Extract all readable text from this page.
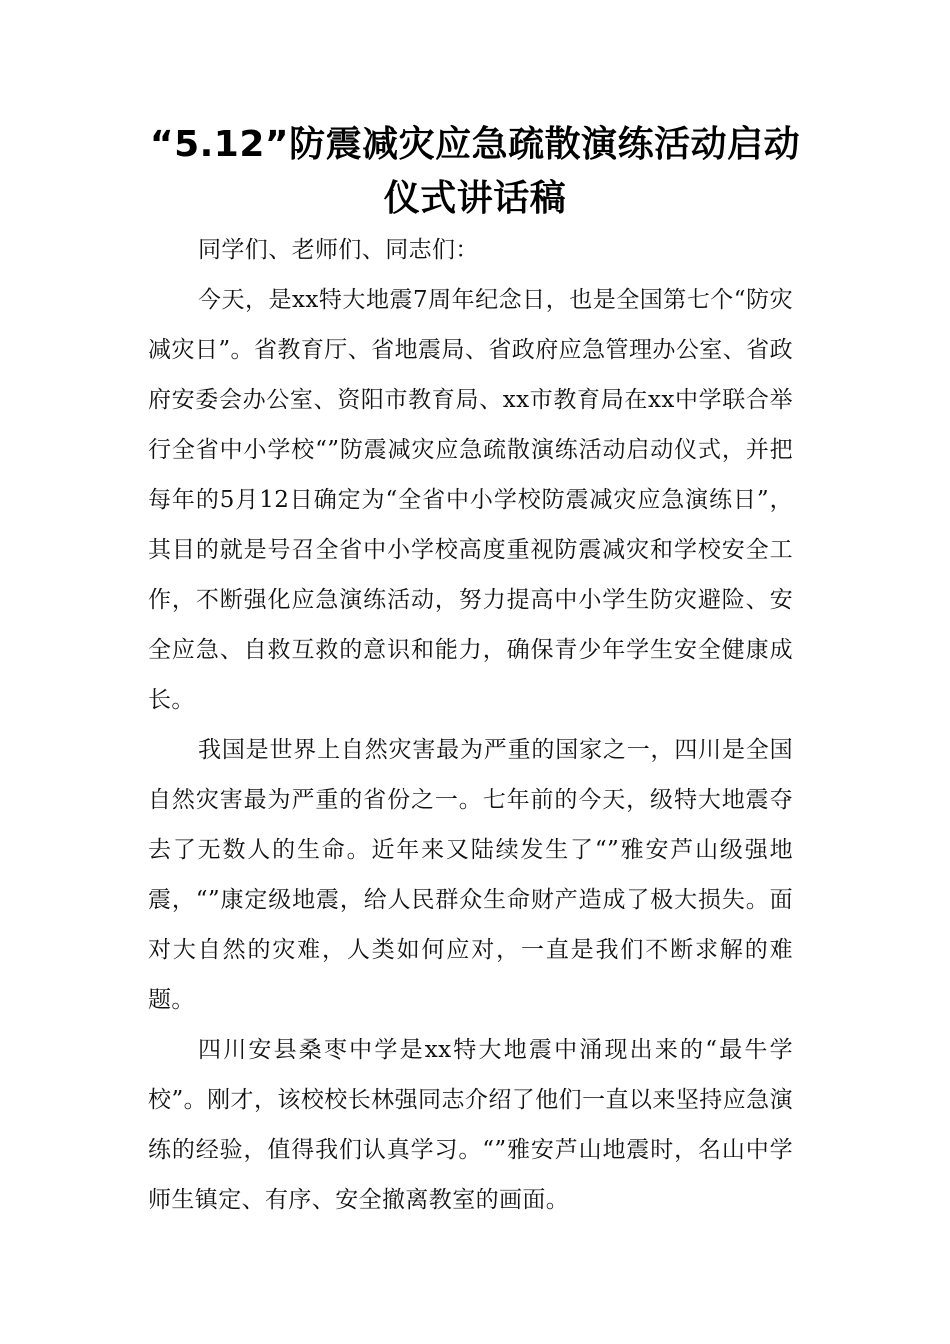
“5.12”防震减灾应急疏散演练活动启动仪式讲话稿

同学们、老师们、同志们：

今天，是xx特大地震7周年纪念日，也是全国第七个“防灾减灾日”。省教育厅、省地震局、省政府应急管理办公室、省政府安委会办公室、资阳市教育局、xx市教育局在xx中学联合举行全省中小学校“”防震减灾应急疏散演练活动启动仪式，并把每年的5月12日确定为“全省中小学校防震减灾应急演练日”，其目的就是号召全省中小学校高度重视防震减灾和学校安全工作，不断强化应急演练活动，努力提高中小学生防灾避险、安全应急、自救互救的意识和能力，确保青少年学生安全健康成长。

我国是世界上自然灾害最为严重的国家之一，四川是全国自然灾害最为严重的省份之一。七年前的今天，级特大地震夺去了无数人的生命。近年来又陆续发生了“”雅安芦山级强地震，“”康定级地震，给人民群众生命财产造成了极大损失。面对大自然的灾难，人类如何应对，一直是我们不断求解的难题。

四川安县桑枣中学是xx特大地震中涌现出来的“最牛学校”。刚才，该校校长林强同志介绍了他们一直以来坚持应急演练的经验，值得我们认真学习。“”雅安芦山地震时，名山中学师生镇定、有序、安全撤离教室的画面。
